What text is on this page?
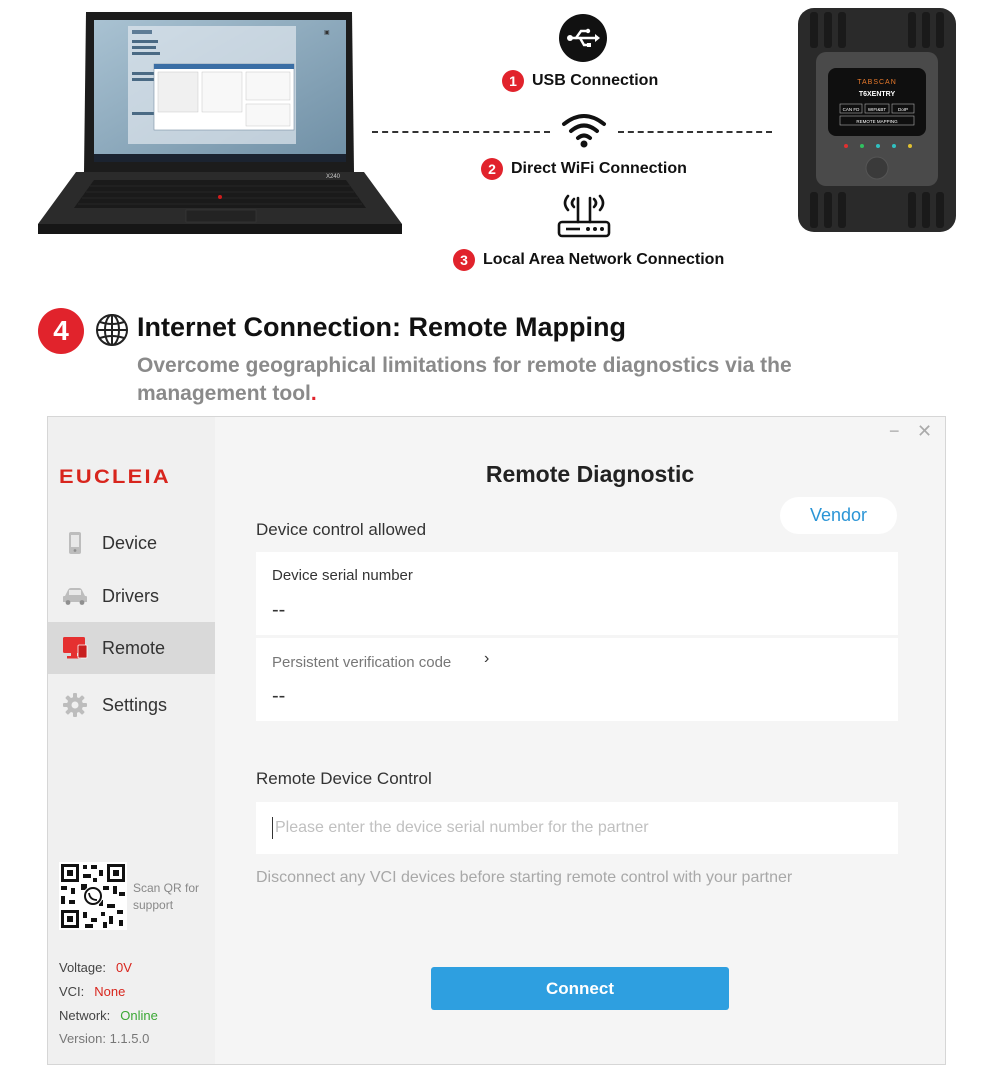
▣
X240
TABSCAN
T6XENTRY
CAN FD WIFI&BT	DoIP
REMOTE MAPPING
1 USB Connection
2 Direct WiFi Connection
3 Local Area Network Connection
4	Internet Connection: Remote Mapping
Overcome geographical limitations for remote diagnostics via the management tool.
EUCLEIA
Device
Drivers
Remote
Settings
Scan QR for support
Voltage: 0V
VCI: None
Network: Online
Version: 1.1.5.0
− ✕
Remote Diagnostic
Vendor
Device control allowed
Device serial number
--
Persistent verification code ›
--
Remote Device Control
Please enter the device serial number for the partner
Disconnect any VCI devices before starting remote control with your partner
Connect
